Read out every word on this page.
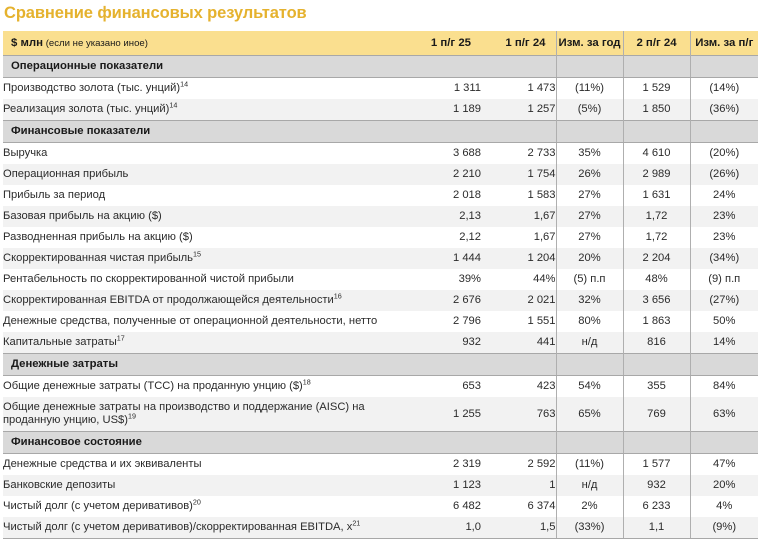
Сравнение финансовых результатов
$ млн (если не указано иное)	1 п/г 25	1 п/г 24	Изм. за год	2 п/г 24	Изм. за п/г
Операционные показатели					
Производство золота (тыс. унций)$^{14}$	1 311	1 473	(11%)	1 529	(14%)
Реализация золота (тыс. унций)$^{14}$	1 189	1 257	(5%)	1 850	(36%)
Финансовые показатели					
Выручка	3 688	2 733	35%	4 610	(20%)
Операционная прибыль	2 210	1 754	26%	2 989	(26%)
Прибыль за период	2 018	1 583	27%	1 631	24%
Базовая прибыль на акцию ($)	2,13	1,67	27%	1,72	23%
Разводненная прибыль на акцию ($)	2,12	1,67	27%	1,72	23%
Скорректированная чистая прибыль$^{15}$	1 444	1 204	20%	2 204	(34%)
Рентабельность по скорректированной чистой прибыли	39%	44%	(5) п.п	48%	(9) п.п
Скорректированная EBITDA от продолжающейся деятельности$^{16}$	2 676	2 021	32%	3 656	(27%)
Денежные средства, полученные от операционной деятельности, нетто	2 796	1 551	80%	1 863	50%
Капитальные затраты$^{17}$	932	441	н/д	816	14%
Денежные затраты					
Общие денежные затраты (TCC) на проданную унцию ($)$^{18}$	653	423	54%	355	84%
Общие денежные затраты на производство и поддержание (AISC) на проданную унцию, US$)$^{19}$	1 255	763	65%	769	63%
Финансовое состояние					
Денежные средства и их эквиваленты	2 319	2 592	(11%)	1 577	47%
Банковские депозиты	1 123	1	н/д	932	20%
Чистый долг (с учетом деривативов)$^{20}$	6 482	6 374	2%	6 233	4%
Чистый долг (с учетом деривативов)/скорректированная EBITDA, $x^{21}$	1,0	1,5	(33%)	1,1	(9%)
